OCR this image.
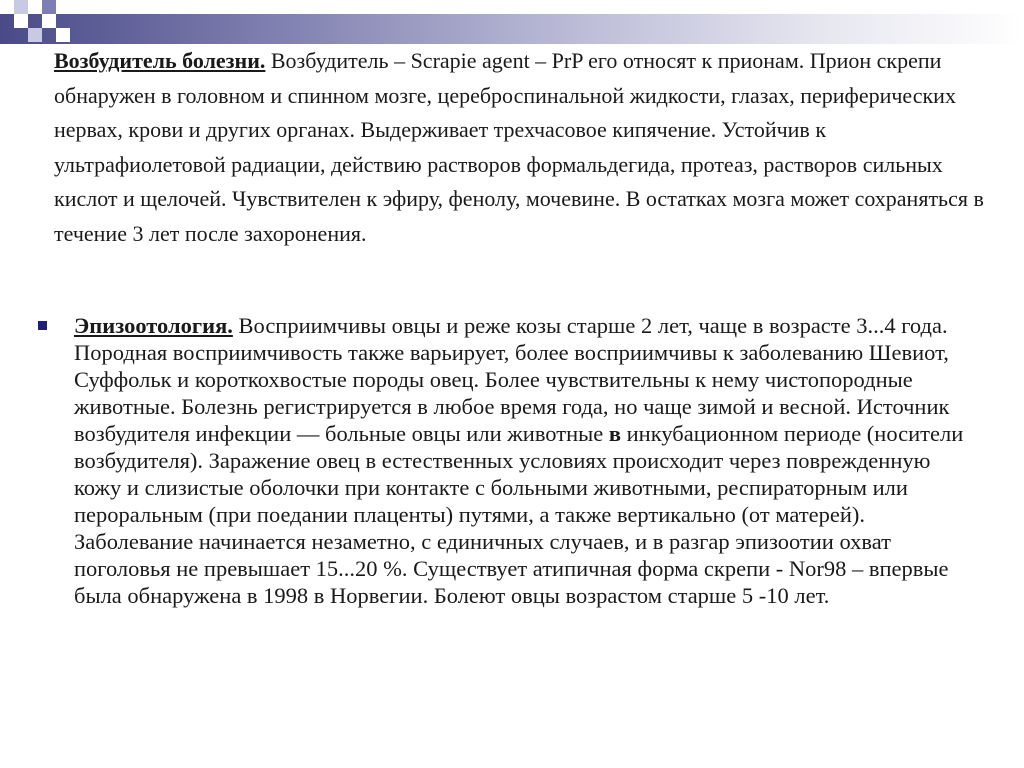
Возбудитель болезни. Возбудитель – Scrapie agent – PrP его относят к прионам. Прион скрепи обнаружен в головном и спинном мозге, цереброспинальной жидкости, глазах, периферических нервах, крови и других органах. Выдерживает трехчасовое кипячение. Устойчив к ультрафиолетовой радиации, действию растворов формальдегида, протеаз, растворов сильных кислот и щелочей. Чувствителен к эфиру, фенолу, мочевине. В остатках мозга может сохраняться в течение 3 лет после захоронения.

Эпизоотология. Восприимчивы овцы и реже козы старше 2 лет, чаще в возрасте 3...4 года. Породная восприимчивость также варьирует, более восприимчивы к заболеванию Шевиот, Суффольк и короткохвостые породы овец. Более чувствительны к нему чистопородные животные. Болезнь регистрируется в любое время года, но чаще зимой и весной. Источник возбудителя инфекции — больные овцы или животные в инкубационном периоде (носители возбудителя). Заражение овец в естественных условиях происходит через поврежденную кожу и слизистые оболочки при контакте с больными животными, респираторным или пероральным (при поедании плаценты) путями, а также вертикально (от матерей). Заболевание начинается незаметно, с единичных случаев, и в разгар эпизоотии охват поголовья не превышает 15...20 %. Существует атипичная форма скрепи - Nor98 – впервые была обнаружена в 1998 в Норвегии. Болеют овцы возрастом старше 5 -10 лет.
